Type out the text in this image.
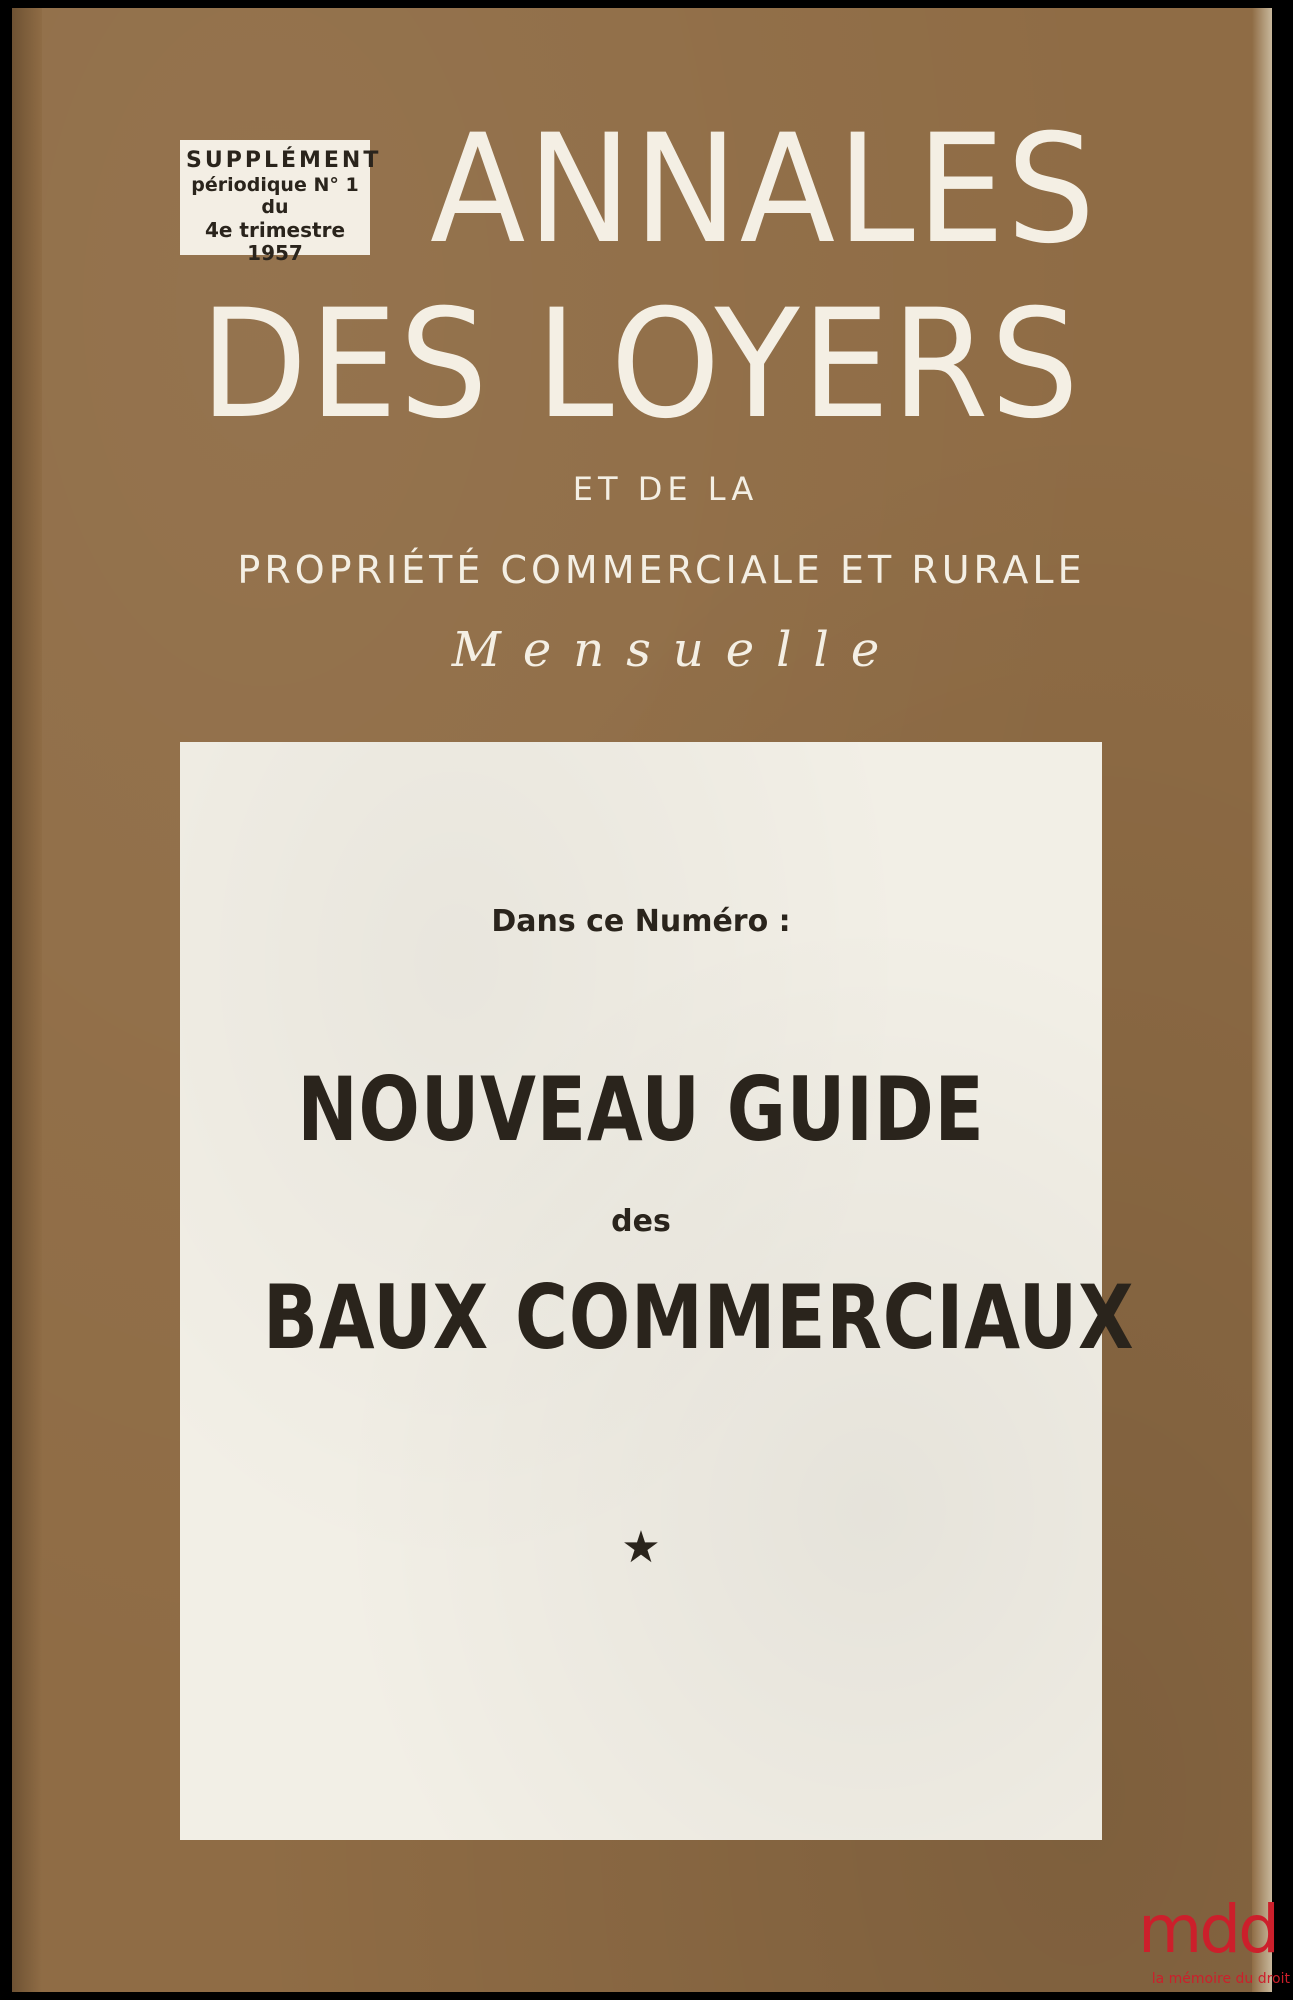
SUPPLÉMENT
périodique N° 1 du
4e trimestre 1957 ANNALES
DES LOYERS
ET DE LA
PROPRIÉTÉ COMMERCIALE ET RURALE
Mensuelle
Dans ce Numéro :
NOUVEAU GUIDE
des
BAUX COMMERCIAUX
★
mdd
la mémoire du droit
